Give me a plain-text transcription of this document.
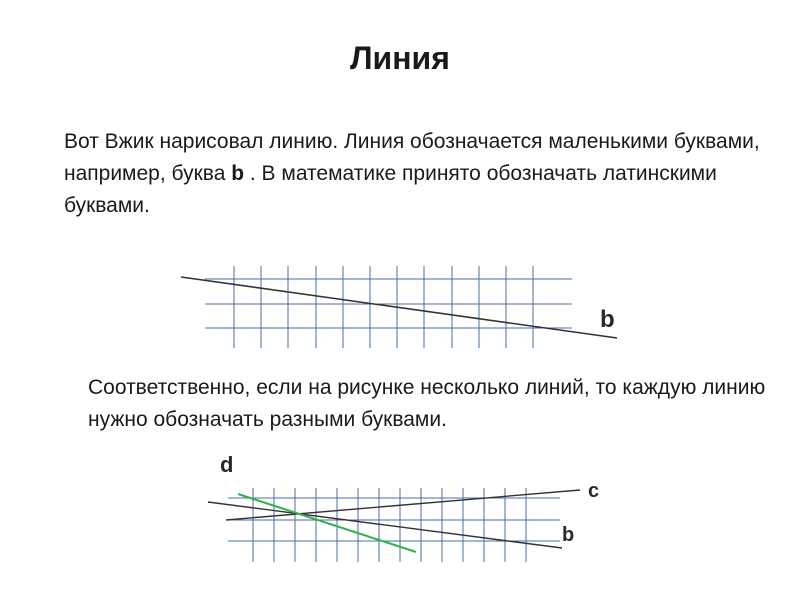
Линия

Вот Вжик нарисовал линию. Линия обозначается маленькими буквами, например, буква b . В математике принято обозначать латинскими буквами.

b

Соответственно, если на рисунке несколько линий, то каждую линию нужно обозначать разными буквами.

d
c
b
